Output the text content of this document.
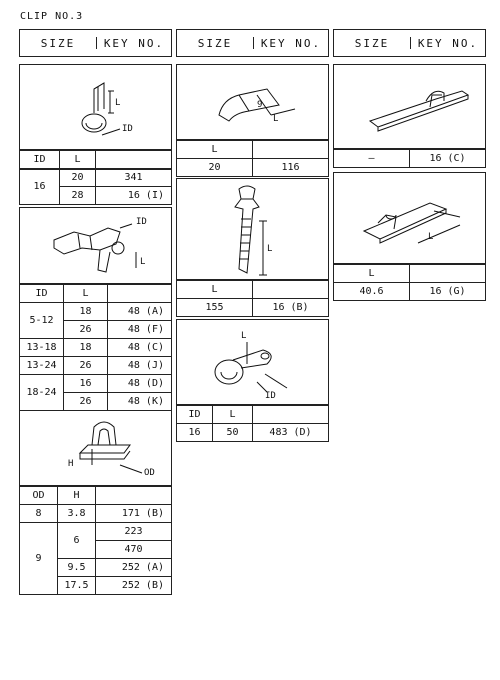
CLIP NO.3
SIZE	KEY NO.	SIZE	KEY NO.	SIZE	KEY NO.
L
ID
ID	L	
16	20	341
	28	16 (I)
ID
L
ID	L	
5-12	18	48 (A)
	26	48 (F)
13-18	18	48 (C)
13-24	26	48 (J)
18-24	16	48 (D)
	26	48 (K)
H
OD
OD	H	
8	3.8	171 (B)
9	6	223
		470
	9.5	252 (A)
	17.5	252 (B)
9
L
L	
20	116
L
L	
155	16 (B)
L
ID
ID	L	
16	50	483 (D)
—	16 (C)
L
L	
40.6	16 (G)
